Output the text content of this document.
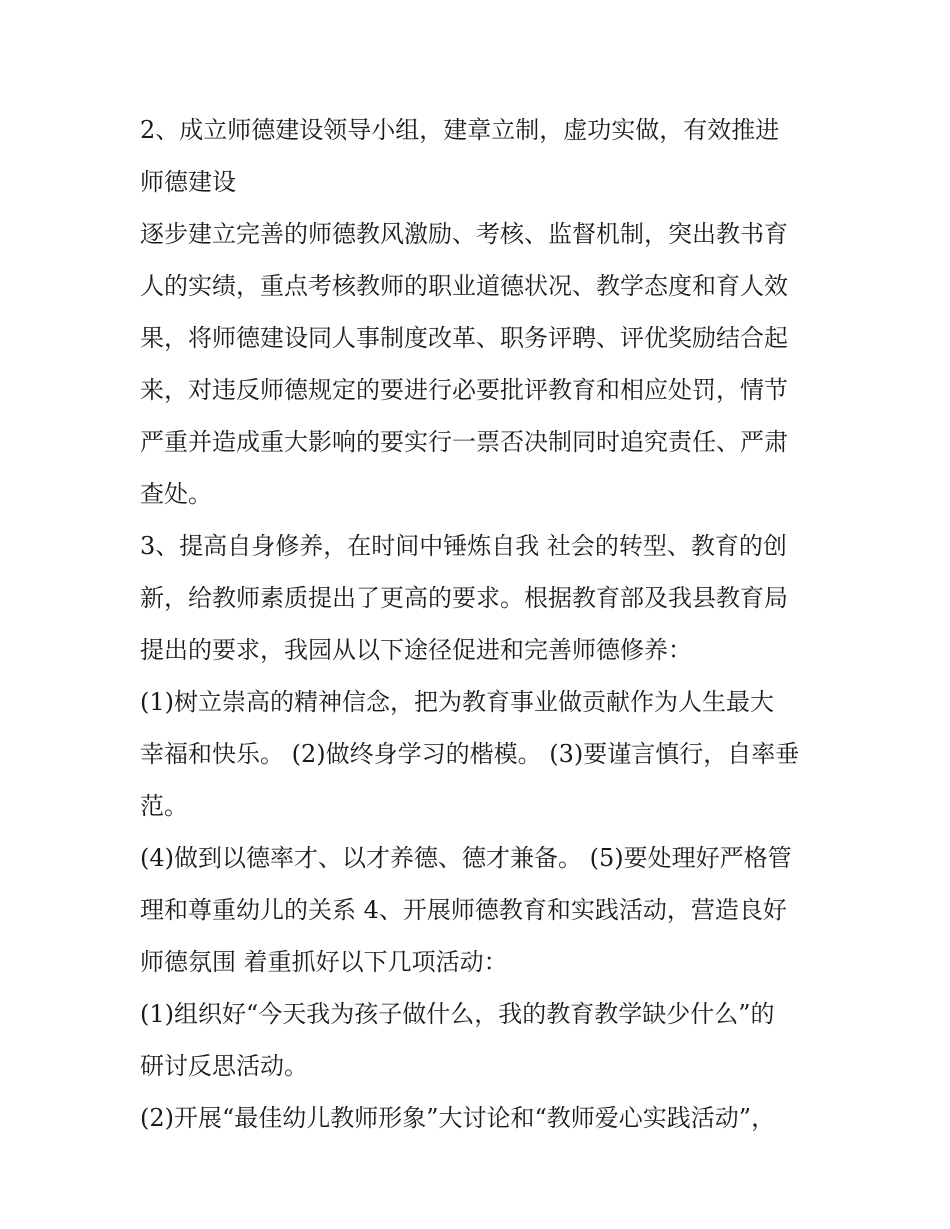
2、成立师德建设领导小组，建章立制，虚功实做，有效推进
师德建设
逐步建立完善的师德教风激励、考核、监督机制，突出教书育
人的实绩，重点考核教师的职业道德状况、教学态度和育人效
果，将师德建设同人事制度改革、职务评聘、评优奖励结合起
来，对违反师德规定的要进行必要批评教育和相应处罚，情节
严重并造成重大影响的要实行一票否决制同时追究责任、严肃
查处。
3、提高自身修养，在时间中锤炼自我 社会的转型、教育的创
新，给教师素质提出了更高的要求。根据教育部及我县教育局
提出的要求，我园从以下途径促进和完善师德修养：
(1)树立崇高的精神信念，把为教育事业做贡献作为人生最大
幸福和快乐。 (2)做终身学习的楷模。 (3)要谨言慎行，自率垂
范。
(4)做到以德率才、以才养德、德才兼备。 (5)要处理好严格管
理和尊重幼儿的关系 4、开展师德教育和实践活动，营造良好
师德氛围 着重抓好以下几项活动：
(1)组织好“今天我为孩子做什么，我的教育教学缺少什么”的
研讨反思活动。
(2)开展“最佳幼儿教师形象”大讨论和“教师爱心实践活动”，
